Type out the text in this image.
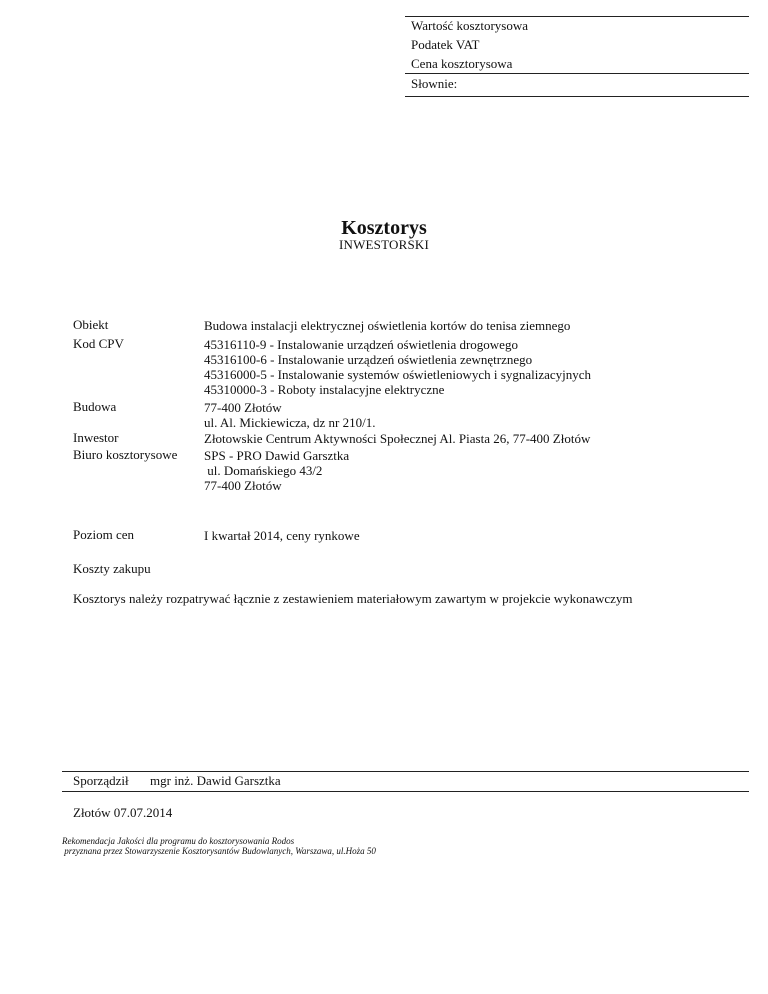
Wartość kosztorysowa
Podatek VAT
Cena kosztorysowa
Słownie:
Kosztorys
INWESTORSKI
Obiekt	Budowa instalacji elektrycznej oświetlenia kortów do tenisa ziemnego
Kod CPV	45316110-9 - Instalowanie urządzeń oświetlenia drogowego
45316100-6 - Instalowanie urządzeń oświetlenia zewnętrznego
45316000-5 - Instalowanie systemów oświetleniowych i sygnalizacyjnych
45310000-3 - Roboty instalacyjne elektryczne
Budowa	77-400 Złotów
ul. Al. Mickiewicza, dz nr 210/1.
Inwestor	Złotowskie Centrum Aktywności Społecznej Al. Piasta 26, 77-400 Złotów
Biuro kosztorysowe SPS - PRO Dawid Garsztka
ul. Domańskiego 43/2
77-400 Złotów
Poziom cen	I kwartał 2014, ceny rynkowe
Koszty zakupu
Kosztorys należy rozpatrywać łącznie z zestawieniem materiałowym zawartym w projekcie wykonawczym
Sporządził mgr inż. Dawid Garsztka
Złotów 07.07.2014
Rekomendacja Jakości dla programu do kosztorysowania Rodos
przyznana przez Stowarzyszenie Kosztorysantów Budowlanych, Warszawa, ul.Hoża 50
